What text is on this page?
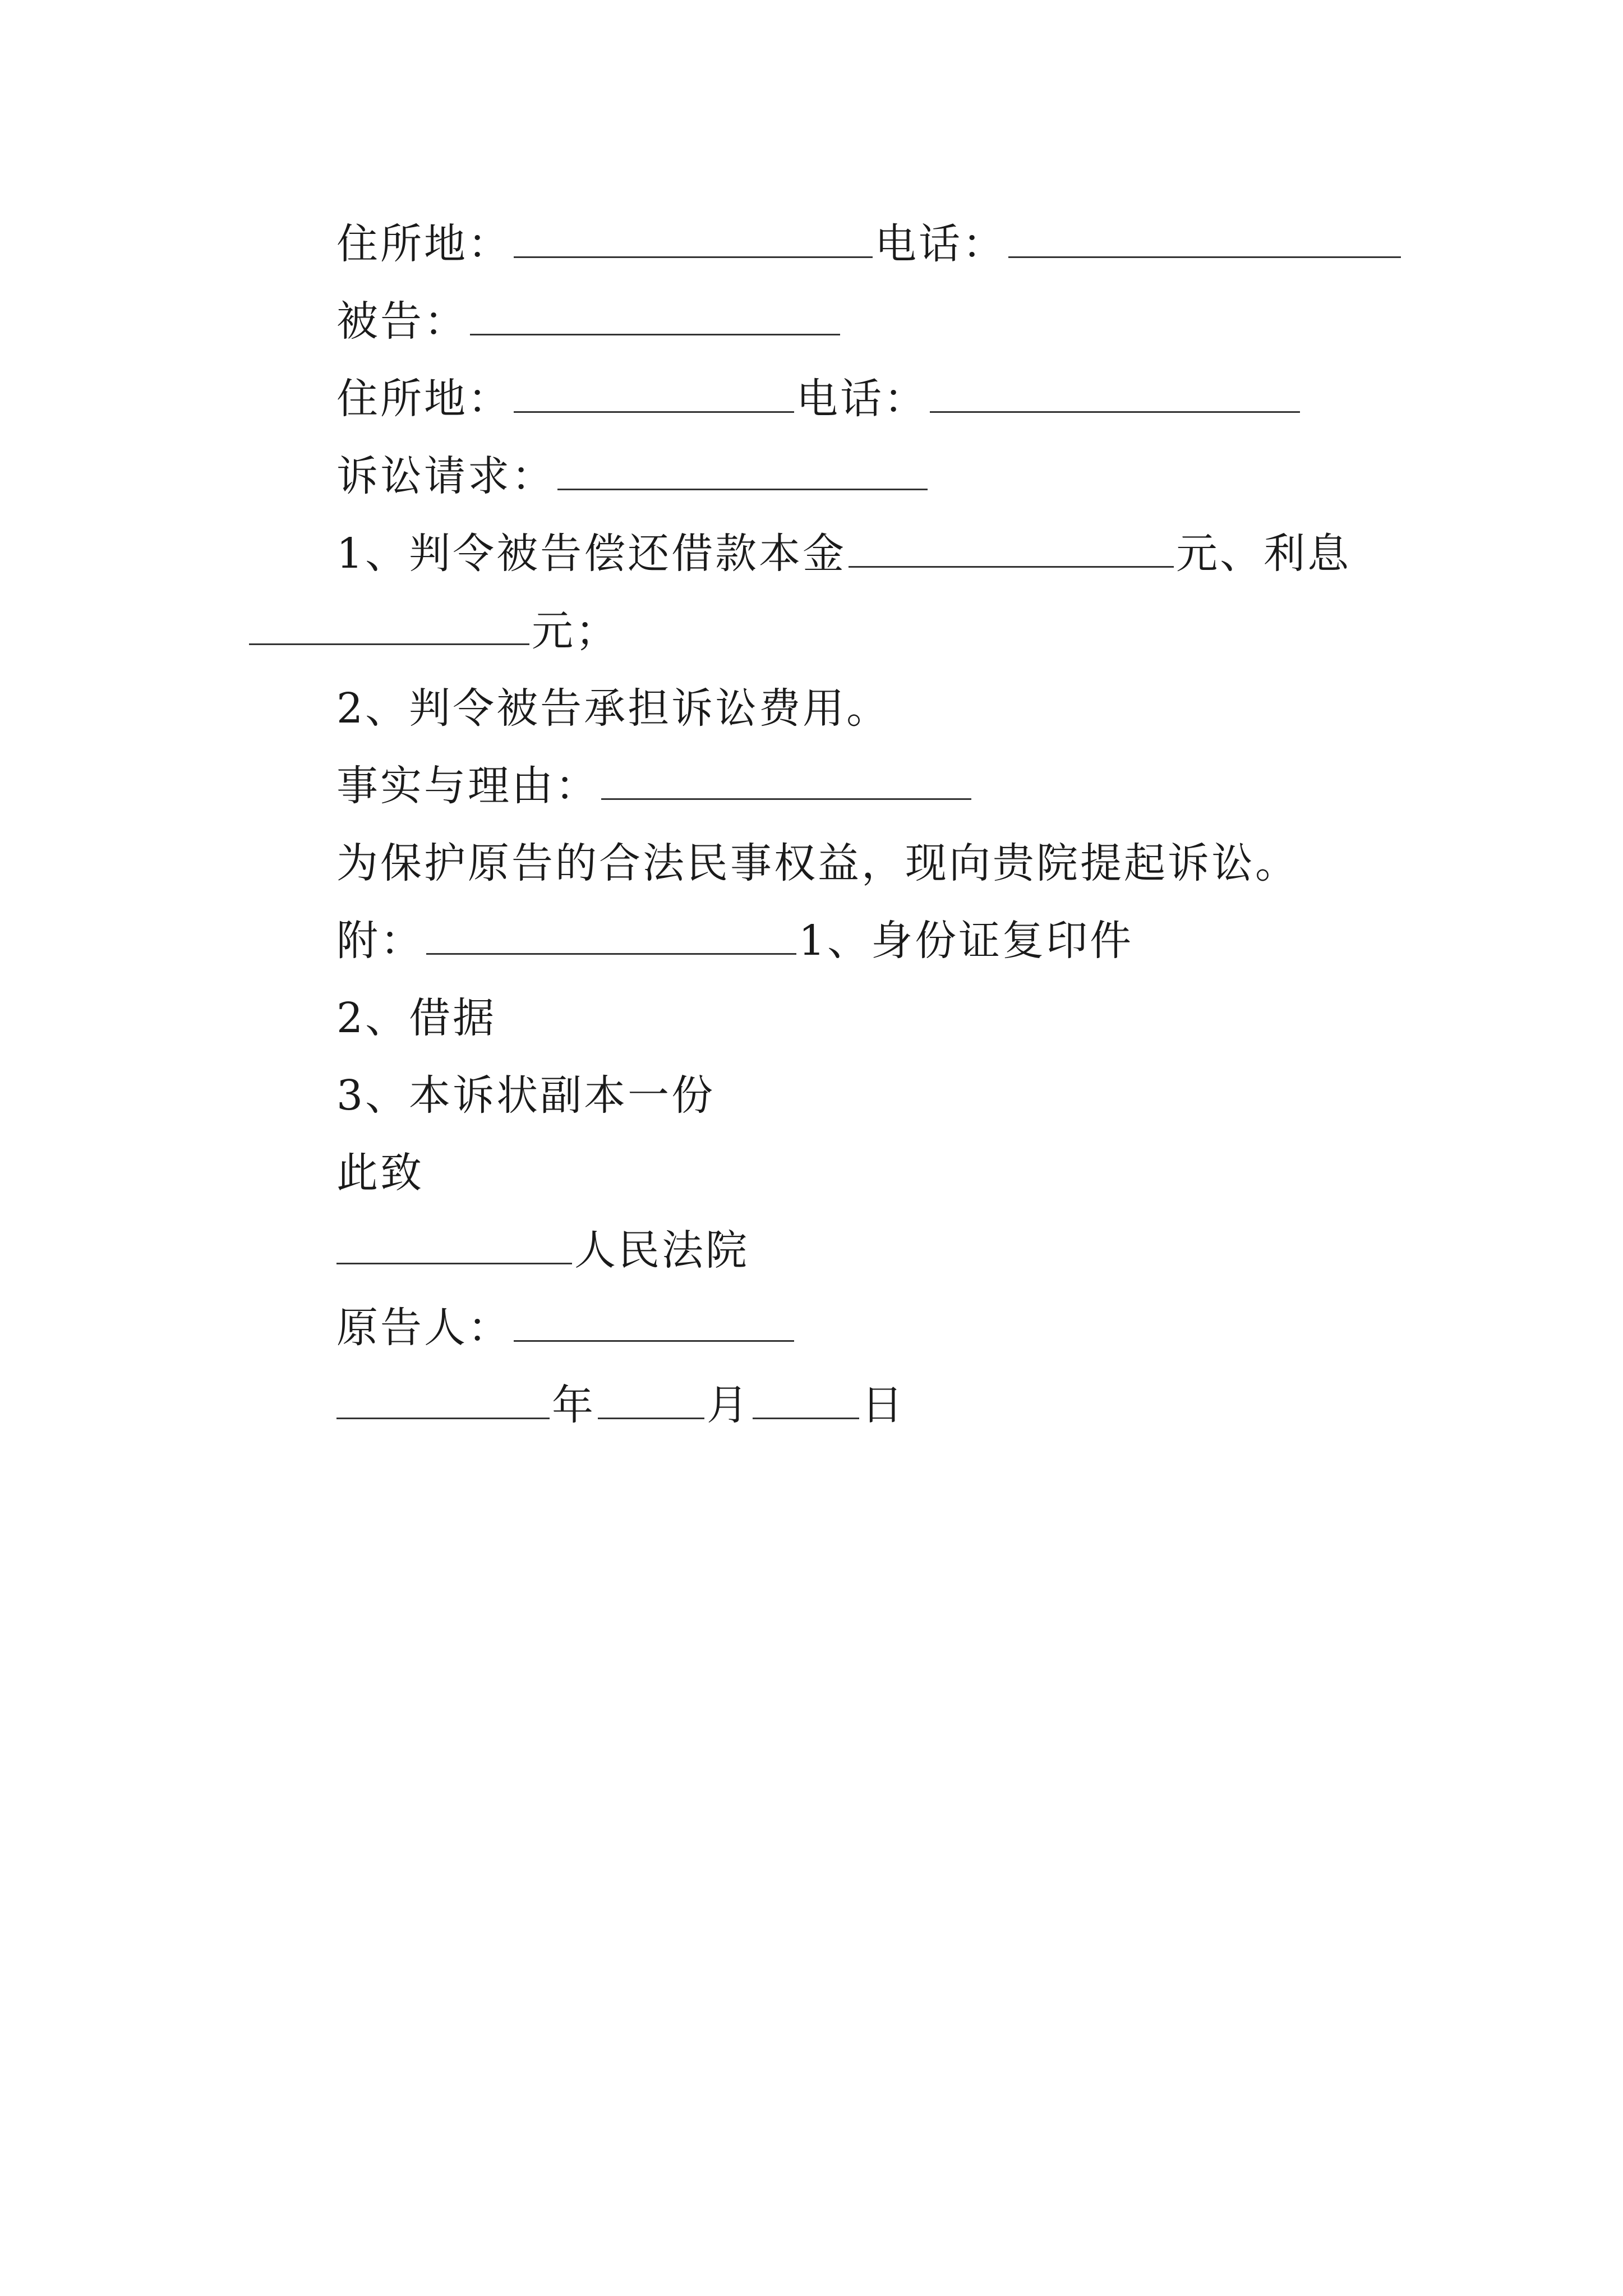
住所地：	电话：
被告：
住所地：	电话：
诉讼请求：
1、判令被告偿还借款本金	元、利息
元；
2、判令被告承担诉讼费用。
事实与理由：
为保护原告的合法民事权益，现向贵院提起诉讼。
附：	1、身份证复印件
2、借据
3、本诉状副本一份
此致
人民法院
原告人：
年	月	日
